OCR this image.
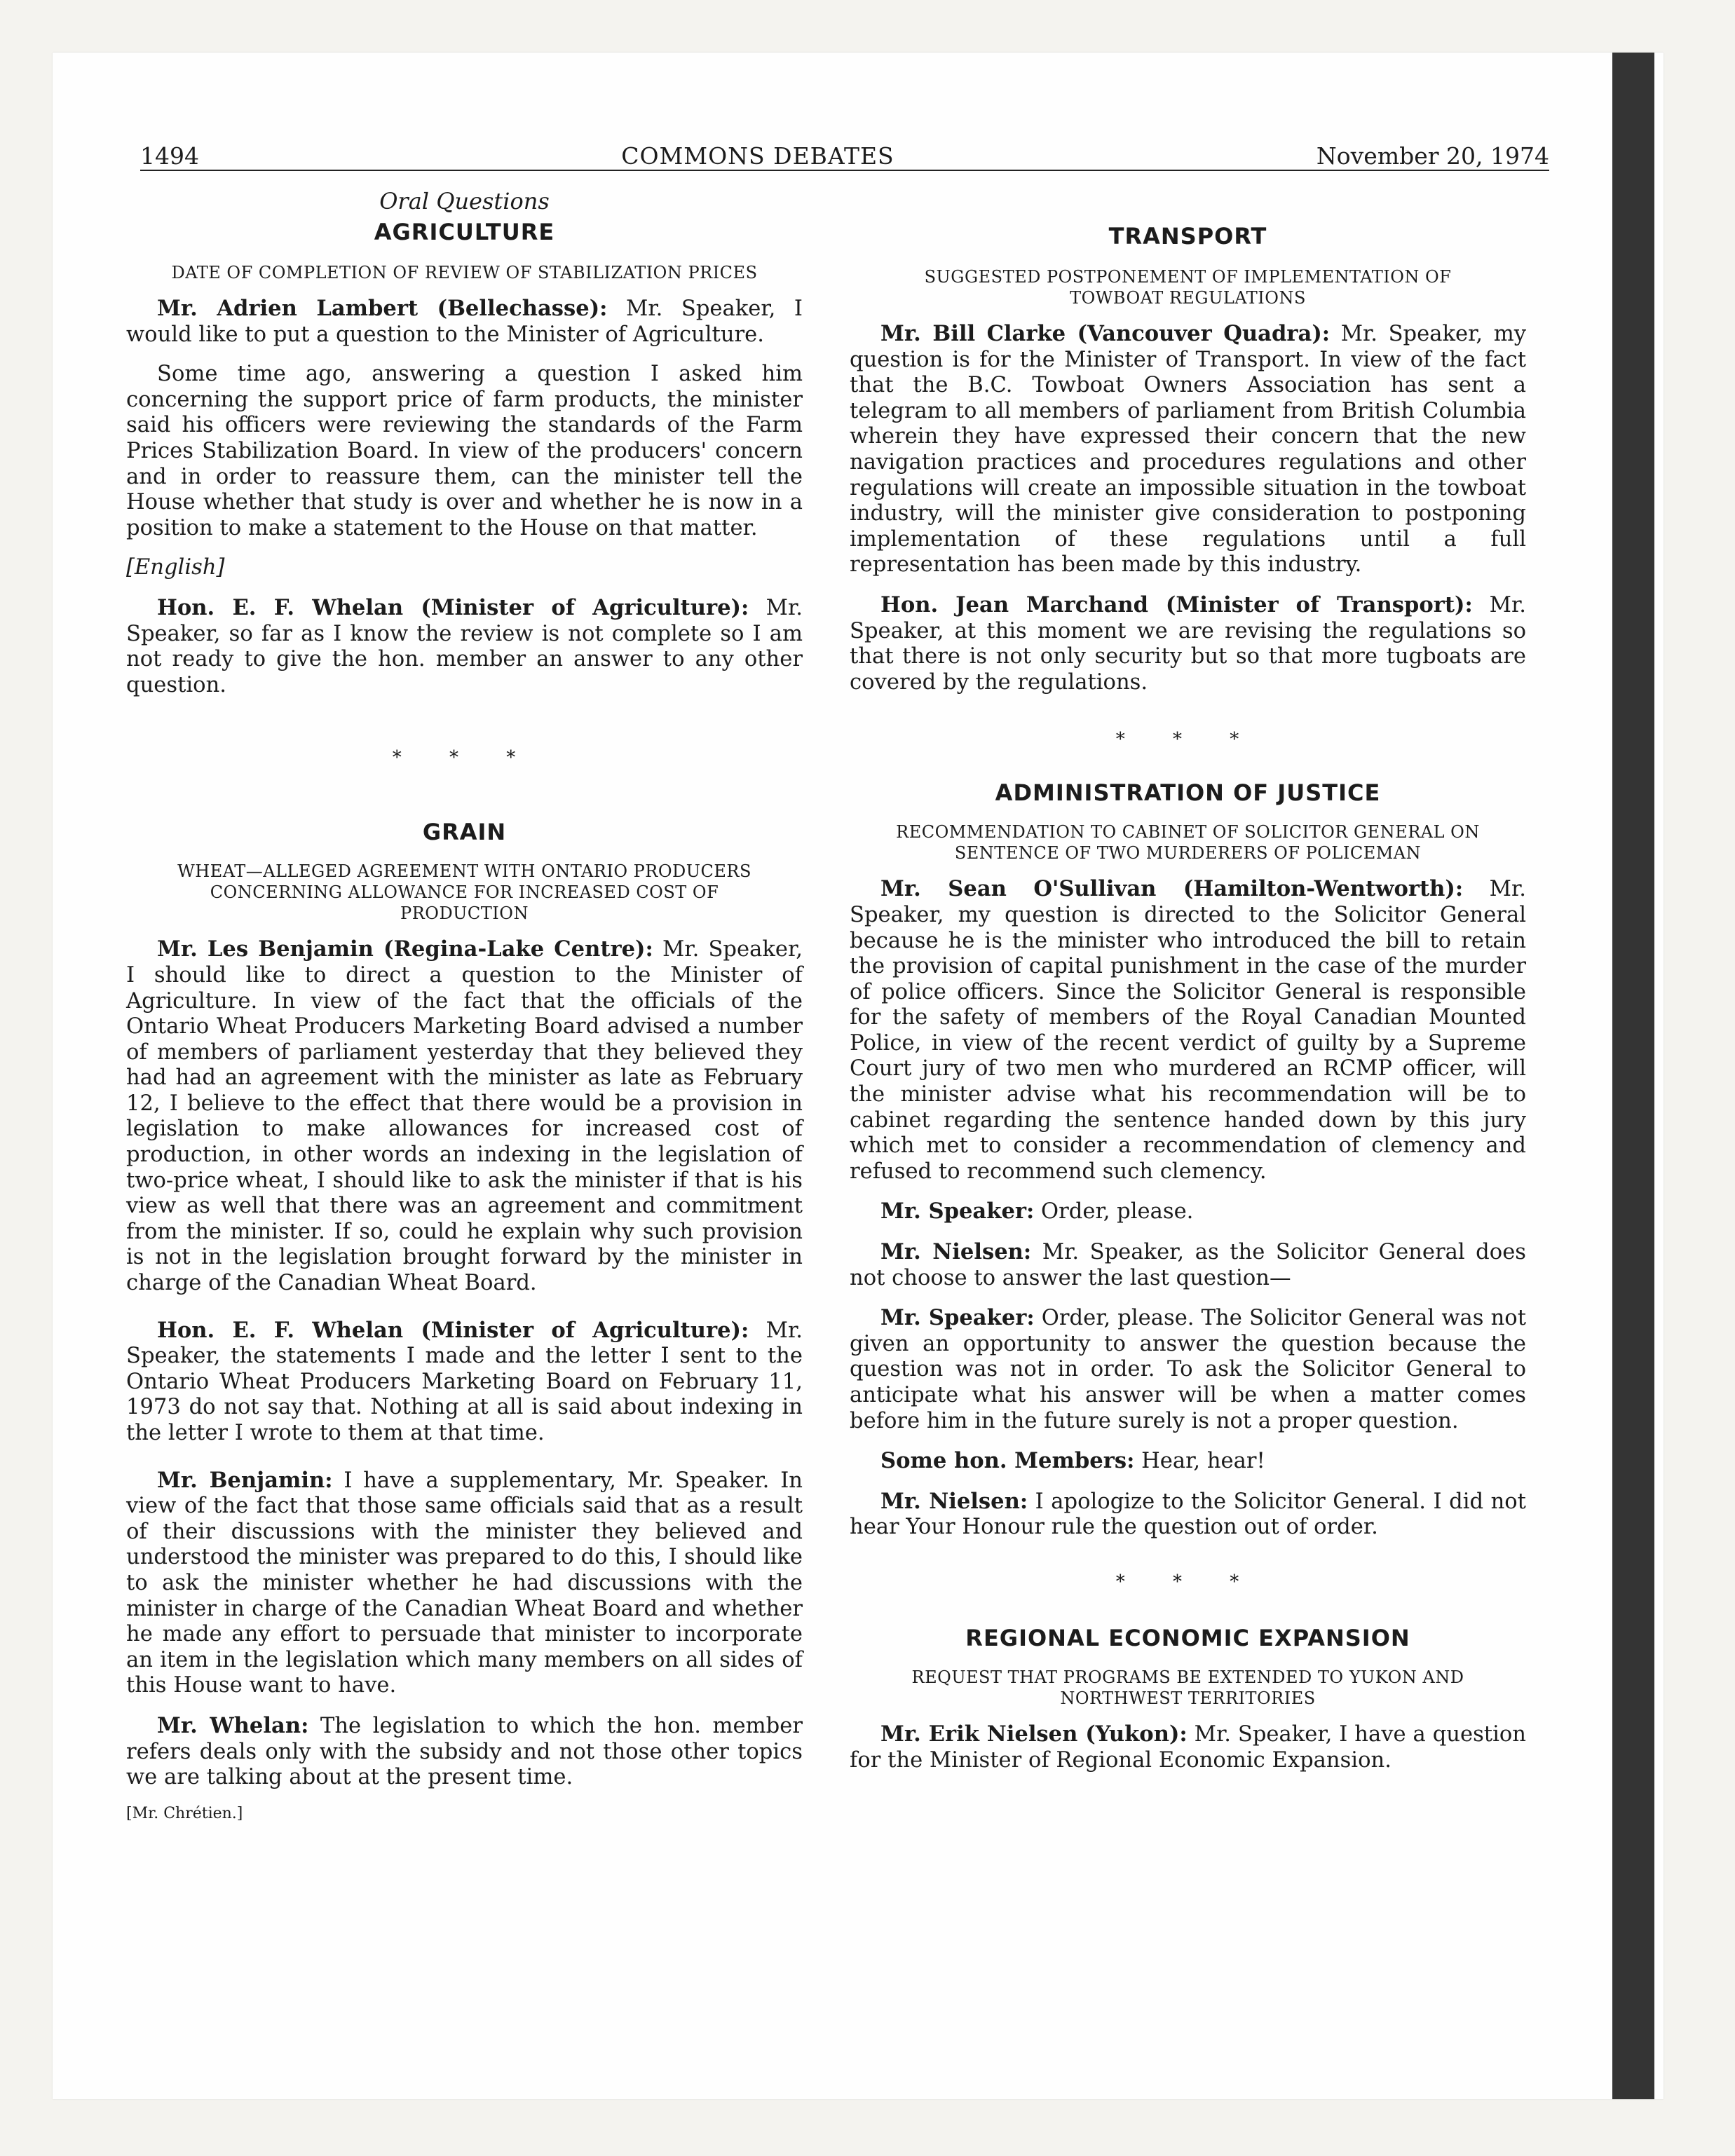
1494	COMMONS DEBATES	November 20, 1974
Oral Questions
AGRICULTURE
DATE OF COMPLETION OF REVIEW OF STABILIZATION PRICES

Mr. Adrien Lambert (Bellechasse): Mr. Speaker, I would like to put a question to the Minister of Agriculture.

Some time ago, answering a question I asked him concerning the support price of farm products, the minister said his officers were reviewing the standards of the Farm Prices Stabilization Board. In view of the producers' concern and in order to reassure them, can the minister tell the House whether that study is over and whether he is now in a position to make a statement to the House on that matter.

[English]

Hon. E. F. Whelan (Minister of Agriculture): Mr. Speaker, so far as I know the review is not complete so I am not ready to give the hon. member an answer to any other question.

* * *
GRAIN
WHEAT—ALLEGED AGREEMENT WITH ONTARIO PRODUCERS CONCERNING ALLOWANCE FOR INCREASED COST OF PRODUCTION

Mr. Les Benjamin (Regina-Lake Centre): Mr. Speaker, I should like to direct a question to the Minister of Agriculture. In view of the fact that the officials of the Ontario Wheat Producers Marketing Board advised a number of members of parliament yesterday that they believed they had had an agreement with the minister as late as February 12, I believe to the effect that there would be a provision in legislation to make allowances for increased cost of production, in other words an indexing in the legislation of two-price wheat, I should like to ask the minister if that is his view as well that there was an agreement and commitment from the minister. If so, could he explain why such provision is not in the legislation brought forward by the minister in charge of the Canadian Wheat Board.

Hon. E. F. Whelan (Minister of Agriculture): Mr. Speaker, the statements I made and the letter I sent to the Ontario Wheat Producers Marketing Board on February 11, 1973 do not say that. Nothing at all is said about indexing in the letter I wrote to them at that time.

Mr. Benjamin: I have a supplementary, Mr. Speaker. In view of the fact that those same officials said that as a result of their discussions with the minister they believed and understood the minister was prepared to do this, I should like to ask the minister whether he had discussions with the minister in charge of the Canadian Wheat Board and whether he made any effort to persuade that minister to incorporate an item in the legislation which many members on all sides of this House want to have.

Mr. Whelan: The legislation to which the hon. member refers deals only with the subsidy and not those other topics we are talking about at the present time.

[Mr. Chrétien.]
TRANSPORT
SUGGESTED POSTPONEMENT OF IMPLEMENTATION OF TOWBOAT REGULATIONS

Mr. Bill Clarke (Vancouver Quadra): Mr. Speaker, my question is for the Minister of Transport. In view of the fact that the B.C. Towboat Owners Association has sent a telegram to all members of parliament from British Columbia wherein they have expressed their concern that the new navigation practices and procedures regulations and other regulations will create an impossible situation in the towboat industry, will the minister give consideration to postponing implementation of these regulations until a full representation has been made by this industry.

Hon. Jean Marchand (Minister of Transport): Mr. Speaker, at this moment we are revising the regulations so that there is not only security but so that more tugboats are covered by the regulations.

* * *
ADMINISTRATION OF JUSTICE
RECOMMENDATION TO CABINET OF SOLICITOR GENERAL ON SENTENCE OF TWO MURDERERS OF POLICEMAN

Mr. Sean O'Sullivan (Hamilton-Wentworth): Mr. Speaker, my question is directed to the Solicitor General because he is the minister who introduced the bill to retain the provision of capital punishment in the case of the murder of police officers. Since the Solicitor General is responsible for the safety of members of the Royal Canadian Mounted Police, in view of the recent verdict of guilty by a Supreme Court jury of two men who murdered an RCMP officer, will the minister advise what his recommendation will be to cabinet regarding the sentence handed down by this jury which met to consider a recommendation of clemency and refused to recommend such clemency.

Mr. Speaker: Order, please.

Mr. Nielsen: Mr. Speaker, as the Solicitor General does not choose to answer the last question—

Mr. Speaker: Order, please. The Solicitor General was not given an opportunity to answer the question because the question was not in order. To ask the Solicitor General to anticipate what his answer will be when a matter comes before him in the future surely is not a proper question.

Some hon. Members: Hear, hear!

Mr. Nielsen: I apologize to the Solicitor General. I did not hear Your Honour rule the question out of order.

* * *
REGIONAL ECONOMIC EXPANSION
REQUEST THAT PROGRAMS BE EXTENDED TO YUKON AND NORTHWEST TERRITORIES

Mr. Erik Nielsen (Yukon): Mr. Speaker, I have a question for the Minister of Regional Economic Expansion.
